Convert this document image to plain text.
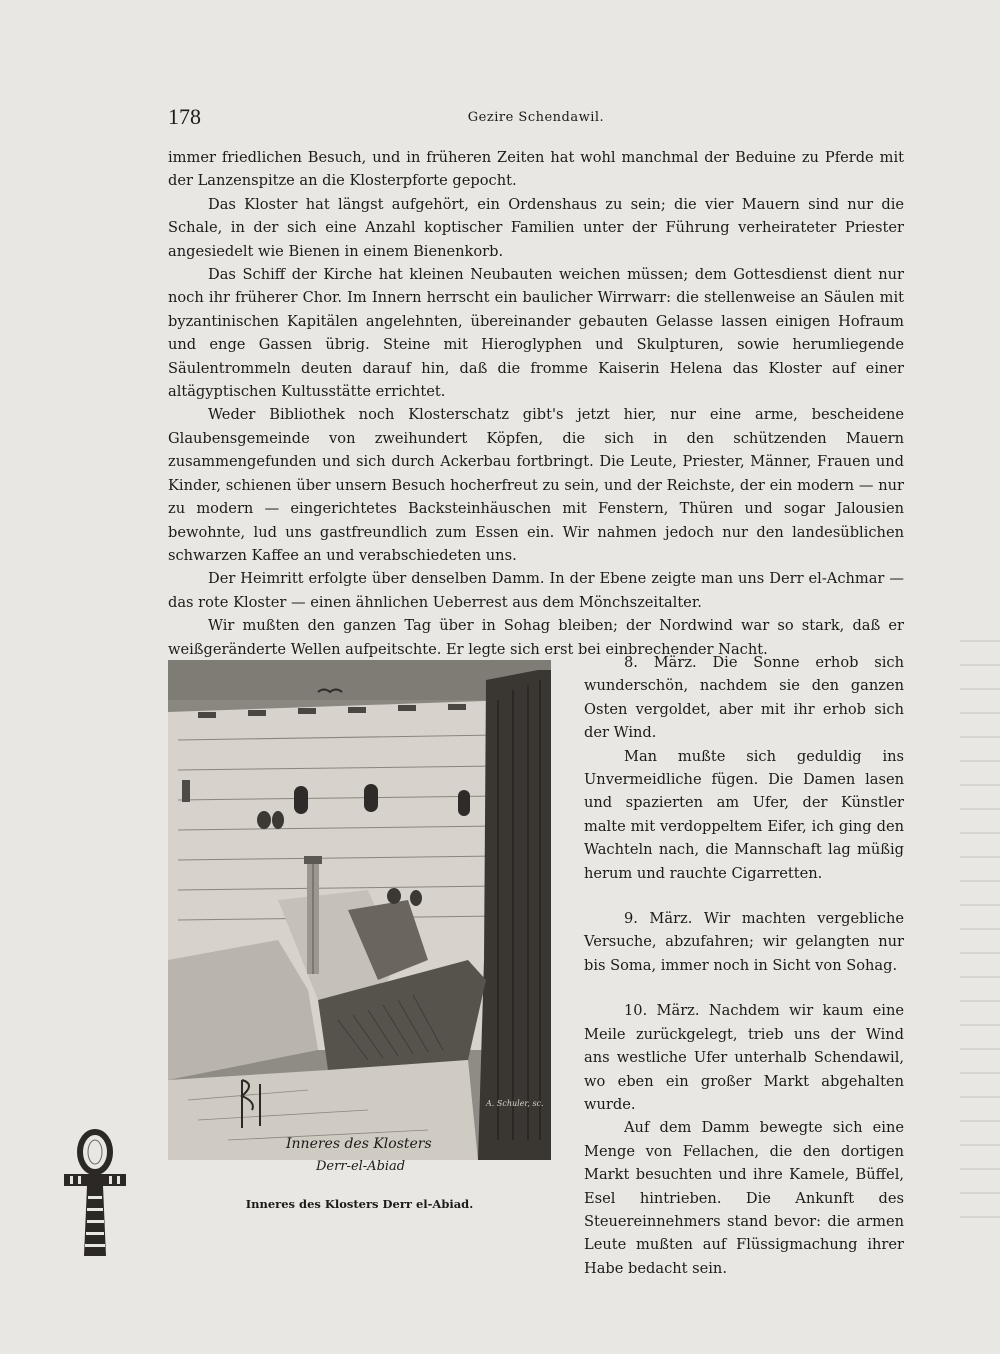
178	Gezire Schendawil.

immer friedlichen Besuch, und in früheren Zeiten hat wohl manchmal der Beduine zu Pferde mit der Lanzenspitze an die Klosterpforte gepocht.

Das Kloster hat längst aufgehört, ein Ordenshaus zu sein; die vier Mauern sind nur die Schale, in der sich eine Anzahl koptischer Familien unter der Führung verheirateter Priester angesiedelt wie Bienen in einem Bienenkorb.

Das Schiff der Kirche hat kleinen Neubauten weichen müssen; dem Gottesdienst dient nur noch ihr früherer Chor. Im Innern herrscht ein baulicher Wirrwarr: die stellenweise an Säulen mit byzantinischen Kapitälen angelehnten, übereinander gebauten Gelasse lassen einigen Hofraum und enge Gassen übrig. Steine mit Hieroglyphen und Skulpturen, sowie herumliegende Säulentrommeln deuten darauf hin, daß die fromme Kaiserin Helena das Kloster auf einer altägyptischen Kultusstätte errichtet.

Weder Bibliothek noch Klosterschatz gibt's jetzt hier, nur eine arme, bescheidene Glaubensgemeinde von zweihundert Köpfen, die sich in den schützenden Mauern zusammengefunden und sich durch Ackerbau fortbringt. Die Leute, Priester, Männer, Frauen und Kinder, schienen über unsern Besuch hocherfreut zu sein, und der Reichste, der ein modern — nur zu modern — eingerichtetes Backsteinhäuschen mit Fenstern, Thüren und sogar Jalousien bewohnte, lud uns gastfreundlich zum Essen ein. Wir nahmen jedoch nur den landesüblichen schwarzen Kaffee an und verabschiedeten uns.

Der Heimritt erfolgte über denselben Damm. In der Ebene zeigte man uns Derr el-Achmar — das rote Kloster — einen ähnlichen Ueberrest aus dem Mönchszeitalter.

Wir mußten den ganzen Tag über in Sohag bleiben; der Nordwind war so stark, daß er weißgeränderte Wellen aufpeitschte. Er legte sich erst bei einbrechender Nacht.

Inneres des Klosters
Derr-el-Abiad
A. Schuler, sc.
Inneres des Klosters Derr el-Abiad.

8. März. Die Sonne erhob sich wunderschön, nachdem sie den ganzen Osten vergoldet, aber mit ihr erhob sich der Wind.

Man mußte sich geduldig ins Unvermeidliche fügen. Die Damen lasen und spazierten am Ufer, der Künstler malte mit verdoppeltem Eifer, ich ging den Wachteln nach, die Mannschaft lag müßig herum und rauchte Cigarretten.

9. März. Wir machten vergebliche Versuche, abzufahren; wir gelangten nur bis Soma, immer noch in Sicht von Sohag.

10. März. Nachdem wir kaum eine Meile zurückgelegt, trieb uns der Wind ans westliche Ufer unterhalb Schendawil, wo eben ein großer Markt abgehalten wurde.

Auf dem Damm bewegte sich eine Menge von Fellachen, die den dortigen Markt besuchten und ihre Kamele, Büffel, Esel hintrieben. Die Ankunft des Steuereinnehmers stand bevor: die armen Leute mußten auf Flüssigmachung ihrer Habe bedacht sein.
